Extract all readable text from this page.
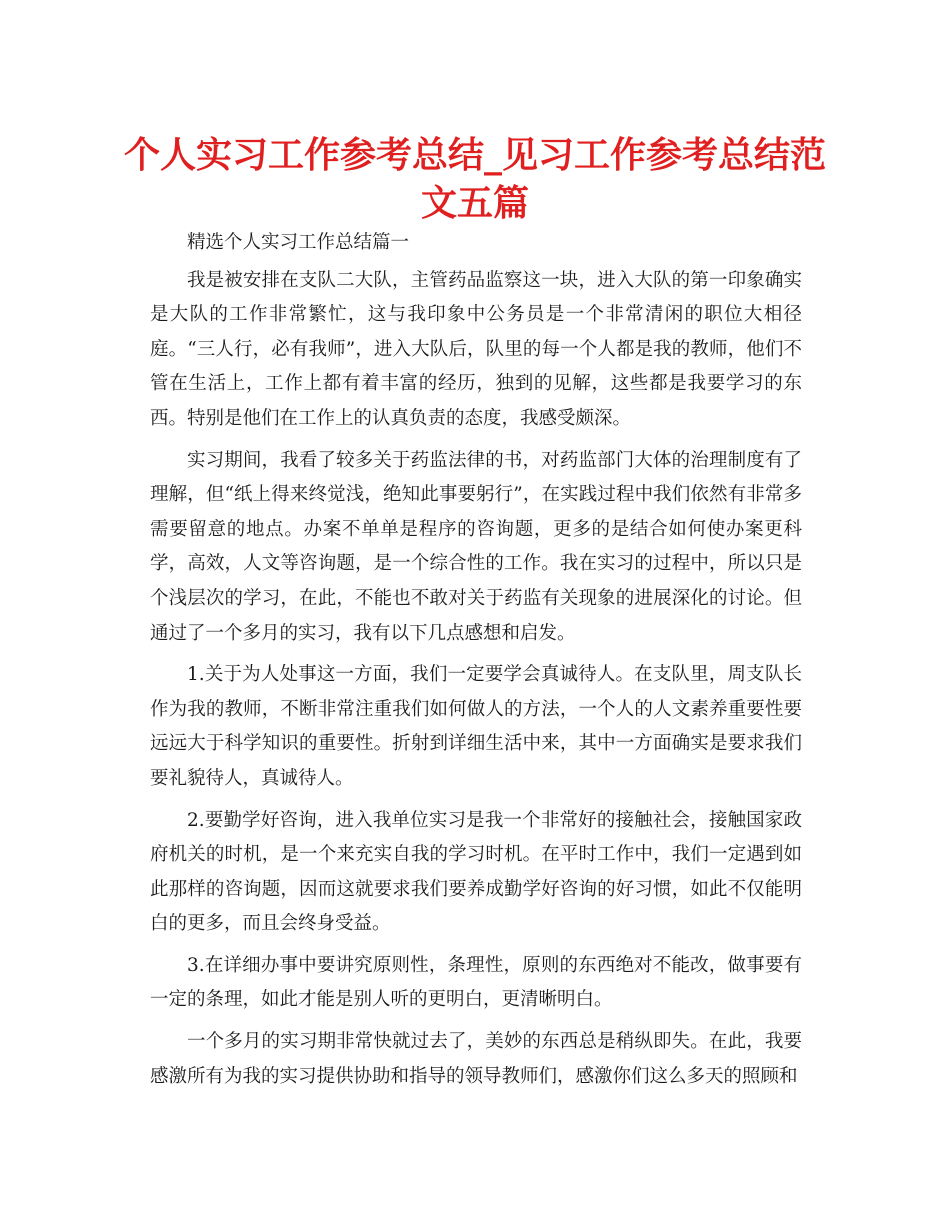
个人实习工作参考总结_见习工作参考总结范文五篇

精选个人实习工作总结篇一

我是被安排在支队二大队，主管药品监察这一块，进入大队的第一印象确实是大队的工作非常繁忙，这与我印象中公务员是一个非常清闲的职位大相径庭。“三人行，必有我师”，进入大队后，队里的每一个人都是我的教师，他们不管在生活上，工作上都有着丰富的经历，独到的见解，这些都是我要学习的东西。特别是他们在工作上的认真负责的态度，我感受颇深。

实习期间，我看了较多关于药监法律的书，对药监部门大体的治理制度有了理解，但“纸上得来终觉浅，绝知此事要躬行”，在实践过程中我们依然有非常多需要留意的地点。办案不单单是程序的咨询题，更多的是结合如何使办案更科学，高效，人文等咨询题，是一个综合性的工作。我在实习的过程中，所以只是个浅层次的学习，在此，不能也不敢对关于药监有关现象的进展深化的讨论。但通过了一个多月的实习，我有以下几点感想和启发。

1.关于为人处事这一方面，我们一定要学会真诚待人。在支队里，周支队长作为我的教师，不断非常注重我们如何做人的方法，一个人的人文素养重要性要远远大于科学知识的重要性。折射到详细生活中来，其中一方面确实是要求我们要礼貌待人，真诚待人。

2.要勤学好咨询，进入我单位实习是我一个非常好的接触社会，接触国家政府机关的时机，是一个来充实自我的学习时机。在平时工作中，我们一定遇到如此那样的咨询题，因而这就要求我们要养成勤学好咨询的好习惯，如此不仅能明白的更多，而且会终身受益。

3.在详细办事中要讲究原则性，条理性，原则的东西绝对不能改，做事要有一定的条理，如此才能是别人听的更明白，更清晰明白。

一个多月的实习期非常快就过去了，美妙的东西总是稍纵即失。在此，我要感激所有为我的实习提供协助和指导的领导教师们，感激你们这么多天的照顾和
